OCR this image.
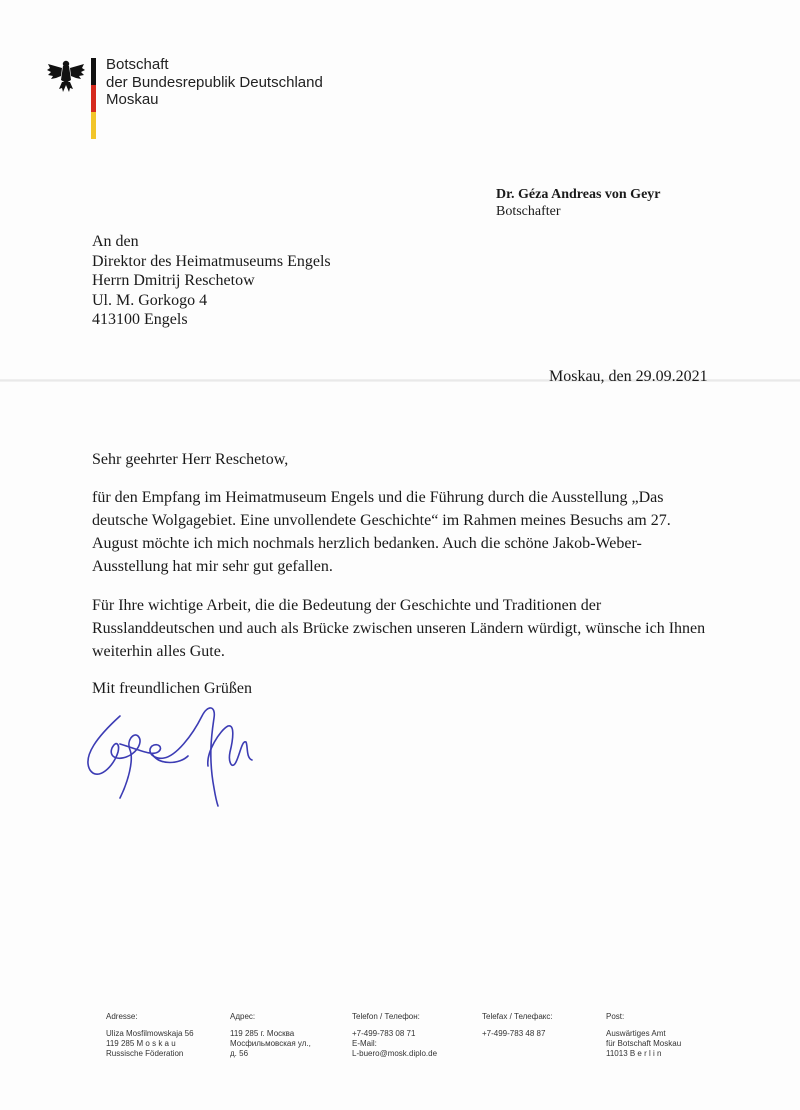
Botschaft
der Bundesrepublik Deutschland
Moskau
Dr. Géza Andreas von Geyr
Botschafter
An den
Direktor des Heimatmuseums Engels
Herrn Dmitrij Reschetow
Ul. M. Gorkogo 4
413100 Engels
Moskau, den 29.09.2021
Sehr geehrter Herr Reschetow,
für den Empfang im Heimatmuseum Engels und die Führung durch die Ausstellung „Das deutsche Wolgagebiet. Eine unvollendete Geschichte“ im Rahmen meines Besuchs am 27. August möchte ich mich nochmals herzlich bedanken. Auch die schöne Jakob-Weber-Ausstellung hat mir sehr gut gefallen.
Für Ihre wichtige Arbeit, die die Bedeutung der Geschichte und Traditionen der Russlanddeutschen und auch als Brücke zwischen unseren Ländern würdigt, wünsche ich Ihnen weiterhin alles Gute.
Mit freundlichen Grüßen
Adresse:
Uliza Mosfilmowskaja 56
119 285 M o s k a u
Russische Föderation
Адрес:
119 285 г. Москва
Мосфильмовская ул.,
д. 56
Telefon / Телефон:
+7-499-783 08 71
E-Mail:
L-buero@mosk.diplo.de
Telefax / Телефакс:
+7-499-783 48 87
Post:
Auswärtiges Amt
für Botschaft Moskau
11013 B e r l i n
